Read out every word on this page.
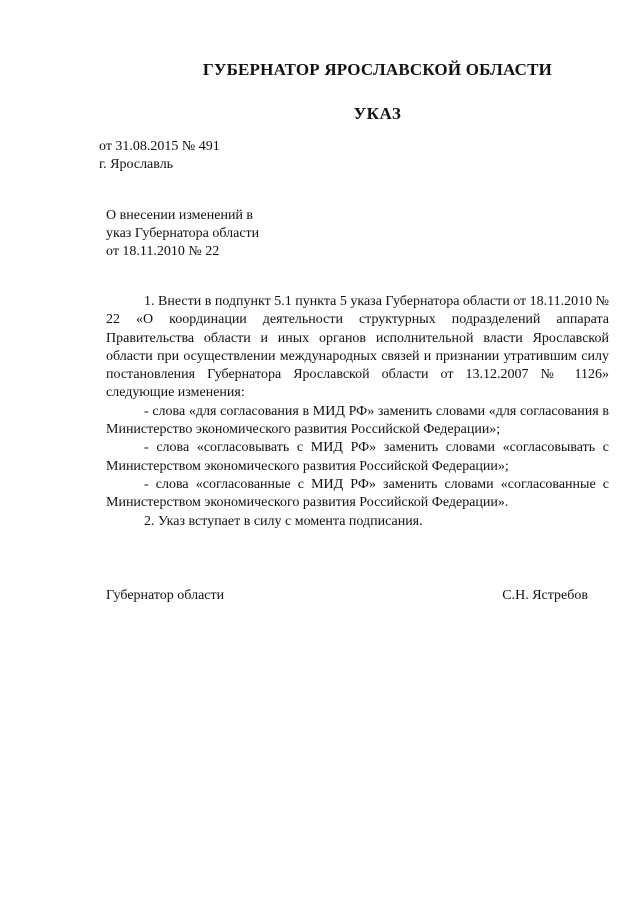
ГУБЕРНАТОР ЯРОСЛАВСКОЙ ОБЛАСТИ
УКАЗ
от 31.08.2015 № 491
г. Ярославль
О внесении изменений в
указ Губернатора области
от 18.11.2010 № 22

1. Внести в подпункт 5.1 пункта 5 указа Губернатора области от 18.11.2010 № 22 «О координации деятельности структурных подразделений аппарата Правительства области и иных органов исполнительной власти Ярославской области при осуществлении международных связей и признании утратившим силу постановления Губернатора Ярославской области от 13.12.2007 № 1126» следующие изменения:

- слова «для согласования в МИД РФ» заменить словами «для согласования в Министерство экономического развития Российской Федерации»;

- слова «согласовывать с МИД РФ» заменить словами «согласовывать с Министерством экономического развития Российской Федерации»;

- слова «согласованные с МИД РФ» заменить словами «согласованные с Министерством экономического развития Российской Федерации».

2. Указ вступает в силу с момента подписания.

Губернатор области	С.Н. Ястребов
